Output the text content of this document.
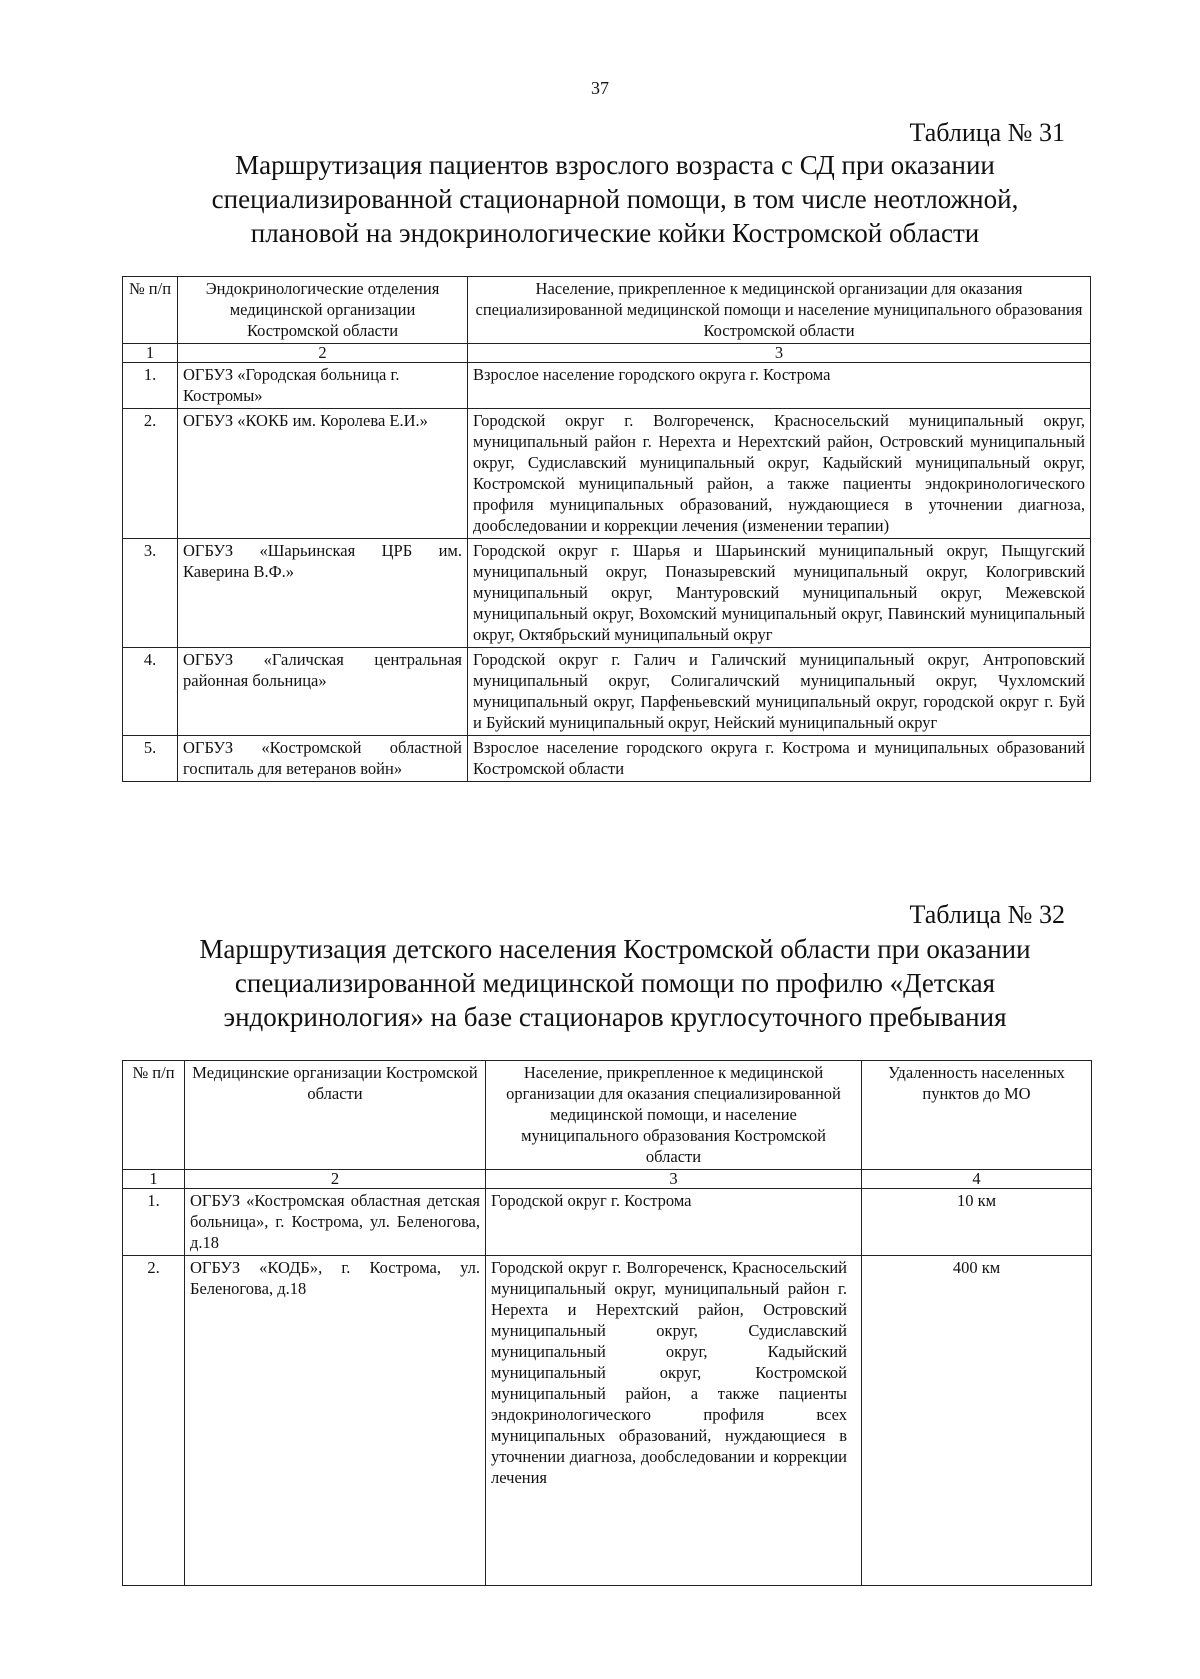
37
Таблица № 31
Маршрутизация пациентов взрослого возраста с СД при оказании
специализированной стационарной помощи, в том числе неотложной,
плановой на эндокринологические койки Костромской области
№ п/п	Эндокринологические отделения медицинской организации Костромской области	Население, прикрепленное к медицинской организации для оказания специализированной медицинской помощи и население муниципального образования Костромской области
1	2	3
1.	ОГБУЗ «Городская больница г. Костромы»	Взрослое население городского округа г. Кострома
2.	ОГБУЗ «КОКБ им. Королева Е.И.»	Городской округ г. Волгореченск, Красносельский муниципальный округ, муниципальный район г. Нерехта и Нерехтский район, Островский муниципальный округ, Судиславский муниципальный округ, Кадыйский муниципальный округ, Костромской муниципальный район, а также пациенты эндокринологического профиля муниципальных образований, нуждающиеся в уточнении диагноза, дообследовании и коррекции лечения (изменении терапии)
3.	ОГБУЗ «Шарьинская ЦРБ им. Каверина В.Ф.»	Городской округ г. Шарья и Шарьинский муниципальный округ, Пыщугский муниципальный округ, Поназыревский муниципальный округ, Кологривский муниципальный округ, Мантуровский муниципальный округ, Межевской муниципальный округ, Вохомский муниципальный округ, Павинский муниципальный округ, Октябрьский муниципальный округ
4.	ОГБУЗ «Галичская центральная районная больница»	Городской округ г. Галич и Галичский муниципальный округ, Антроповский муниципальный округ, Солигаличский муниципальный округ, Чухломский муниципальный округ, Парфеньевский муниципальный округ, городской округ г. Буй и Буйский муниципальный округ, Нейский муниципальный округ
5.	ОГБУЗ «Костромской областной госпиталь для ветеранов войн»	Взрослое население городского округа г. Кострома и муниципальных образований Костромской области
Таблица № 32
Маршрутизация детского населения Костромской области при оказании
специализированной медицинской помощи по профилю «Детская
эндокринология» на базе стационаров круглосуточного пребывания
№ п/п	Медицинские организации Костромской области	Население, прикрепленное к медицинской организации для оказания специализированной медицинской помощи, и население муниципального образования Костромской области	Удаленность населенных пунктов до МО
1	2	3	4
1.	ОГБУЗ «Костромская областная детская больница», г. Кострома, ул. Беленогова, д.18	Городской округ г. Кострома	10 км
2.	ОГБУЗ «КОДБ», г. Кострома, ул. Беленогова, д.18	Городской округ г. Волгореченск, Красносельский муниципальный округ, муниципальный район г. Нерехта и Нерехтский район, Островский муниципальный округ, Судиславский муниципальный округ, Кадыйский муниципальный округ, Костромской муниципальный район, а также пациенты эндокринологического профиля всех муниципальных образований, нуждающиеся в уточнении диагноза, дообследовании и коррекции лечения	400 км
